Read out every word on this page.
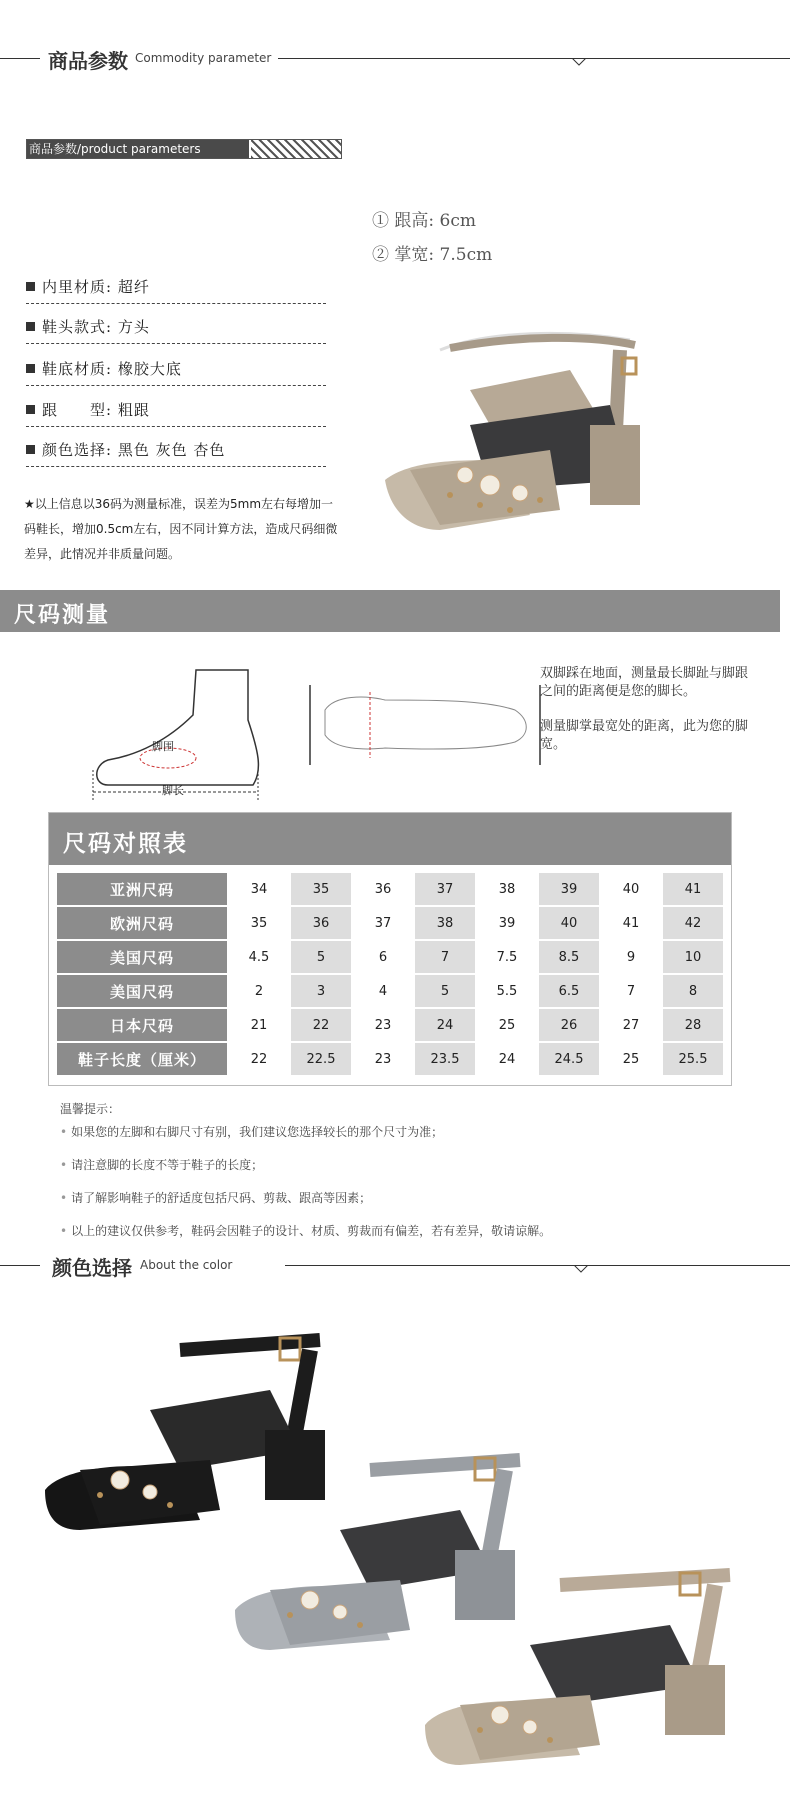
商品参数 Commodity parameter
商品参数/product parameters
① 跟高: 6cm
② 掌宽: 7.5cm
内里材质: 超纤
鞋头款式: 方头
鞋底材质: 橡胶大底
跟　　型: 粗跟
颜色选择: 黑色 灰色 杏色
★以上信息以36码为测量标准，误差为5mm左右每增加一码鞋长，增加0.5cm左右，因不同计算方法，造成尺码细微差异，此情况并非质量问题。
尺码测量
脚围
脚长
双脚踩在地面，测量最长脚趾与脚跟之间的距离便是您的脚长。
测量脚掌最宽处的距离，此为您的脚宽。
尺码对照表
亚洲尺码	34	35	36	37	38	39	40	41
欧洲尺码	35	36	37	38	39	40	41	42
美国尺码	4.5	5	6	7	7.5	8.5	9	10
美国尺码	2	3	4	5	5.5	6.5	7	8
日本尺码	21	22	23	24	25	26	27	28
鞋子长度（厘米）	22	22.5	23	23.5	24	24.5	25	25.5
温馨提示：
• 如果您的左脚和右脚尺寸有别，我们建议您选择较长的那个尺寸为准；
• 请注意脚的长度不等于鞋子的长度；
• 请了解影响鞋子的舒适度包括尺码、剪裁、跟高等因素；
• 以上的建议仅供参考，鞋码会因鞋子的设计、材质、剪裁而有偏差，若有差异，敬请谅解。
颜色选择 About the color
